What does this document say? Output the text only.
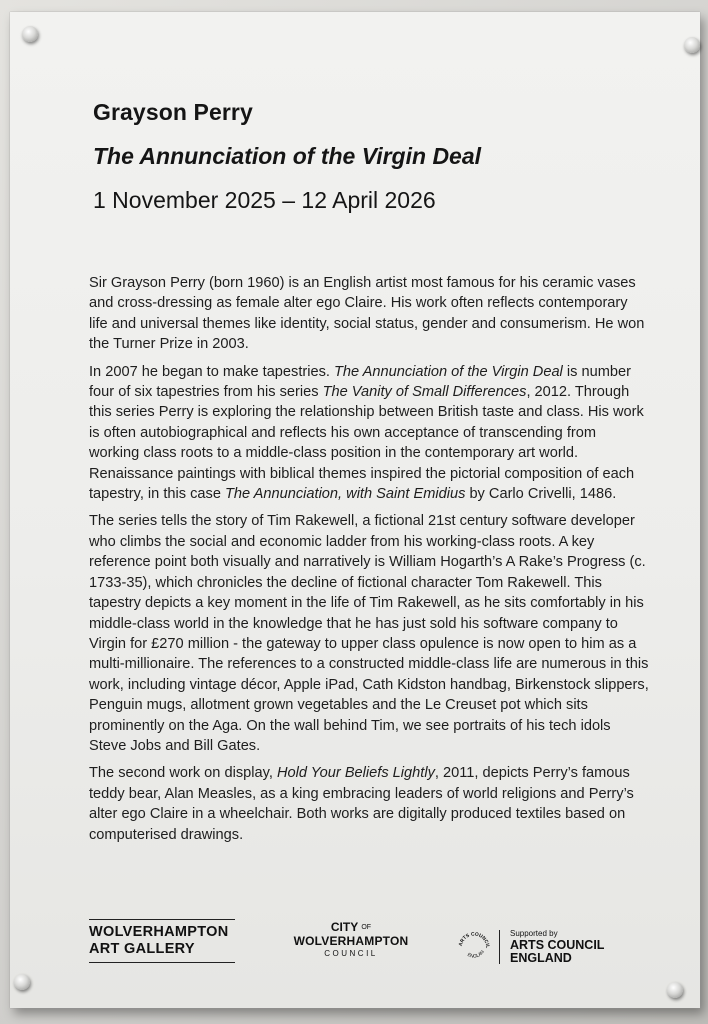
Grayson Perry
The Annunciation of the Virgin Deal
1 November 2025 – 12 April 2026

Sir Grayson Perry (born 1960) is an English artist most famous for his ceramic vases and cross-dressing as female alter ego Claire. His work often reflects contemporary life and universal themes like identity, social status, gender and consumerism. He won the Turner Prize in 2003.

In 2007 he began to make tapestries. The Annunciation of the Virgin Deal is number four of six tapestries from his series The Vanity of Small Differences, 2012. Through this series Perry is exploring the relationship between British taste and class. His work is often autobiographical and reflects his own acceptance of transcending from working class roots to a middle-class position in the contemporary art world. Renaissance paintings with biblical themes inspired the pictorial composition of each tapestry, in this case The Annunciation, with Saint Emidius by Carlo Crivelli, 1486.

The series tells the story of Tim Rakewell, a fictional 21st century software developer who climbs the social and economic ladder from his working-class roots. A key reference point both visually and narratively is William Hogarth’s A Rake’s Progress (c. 1733-35), which chronicles the decline of fictional character Tom Rakewell. This tapestry depicts a key moment in the life of Tim Rakewell, as he sits comfortably in his middle-class world in the knowledge that he has just sold his software company to Virgin for £270 million - the gateway to upper class opulence is now open to him as a multi-millionaire. The references to a constructed middle-class life are numerous in this work, including vintage décor, Apple iPad, Cath Kidston handbag, Birkenstock slippers, Penguin mugs, allotment grown vegetables and the Le Creuset pot which sits prominently on the Aga. On the wall behind Tim, we see portraits of his tech idols Steve Jobs and Bill Gates.

The second work on display, Hold Your Beliefs Lightly, 2011, depicts Perry’s famous teddy bear, Alan Measles, as a king embracing leaders of world religions and Perry’s alter ego Claire in a wheelchair. Both works are digitally produced textiles based on computerised drawings.

WOLVERHAMPTON
ART GALLERY
CITY $^{OF}$
WOLVERHAMPTON
COUNCIL
ARTS COUNCIL
ENGLAN
Supported by
ARTS COUNCIL
ENGLAND
